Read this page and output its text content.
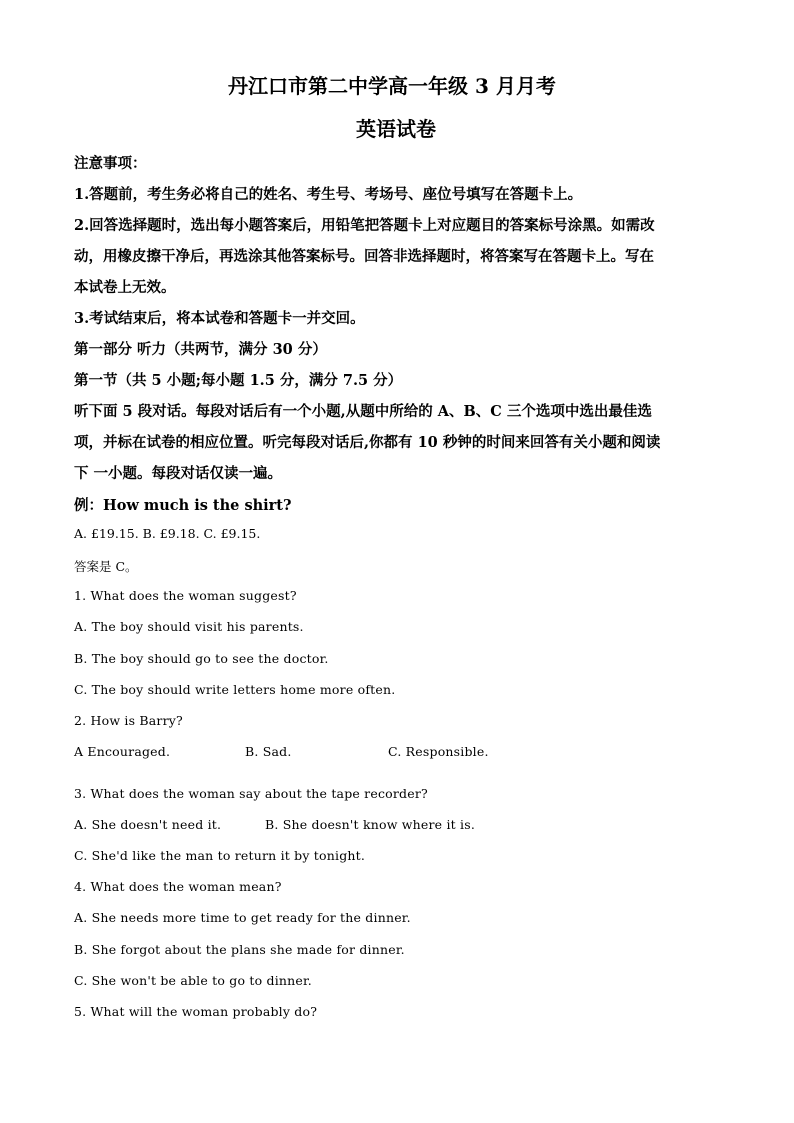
丹江口市第二中学高一年级 3 月月考
英语试卷
注意事项：
1.答题前，考生务必将自己的姓名、考生号、考场号、座位号填写在答题卡上。
2.回答选择题时，选出每小题答案后，用铅笔把答题卡上对应题目的答案标号涂黑。如需改
动，用橡皮擦干净后，再选涂其他答案标号。回答非选择题时，将答案写在答题卡上。写在
本试卷上无效。
3.考试结束后，将本试卷和答题卡一并交回。
第一部分 听力（共两节，满分 30 分）
第一节（共 5 小题;每小题 1.5 分，满分 7.5 分）
听下面 5 段对话。每段对话后有一个小题,从题中所给的 A、B、C 三个选项中选出最佳选
项，并标在试卷的相应位置。听完每段对话后,你都有 10 秒钟的时间来回答有关小题和阅读
下 一小题。每段对话仅读一遍。
例：How much is the shirt?
A. £19.15. B. £9.18. C. £9.15.
答案是 C。
1. What does the woman suggest?
A. The boy should visit his parents.
B. The boy should go to see the doctor.
C. The boy should write letters home more often.
2. How is Barry?
A Encouraged.	B. Sad.	C. Responsible.
3. What does the woman say about the tape recorder?
A. She doesn't need it.	B. She doesn't know where it is.
C. She'd like the man to return it by tonight.
4. What does the woman mean?
A. She needs more time to get ready for the dinner.
B. She forgot about the plans she made for dinner.
C. She won't be able to go to dinner.
5. What will the woman probably do?
